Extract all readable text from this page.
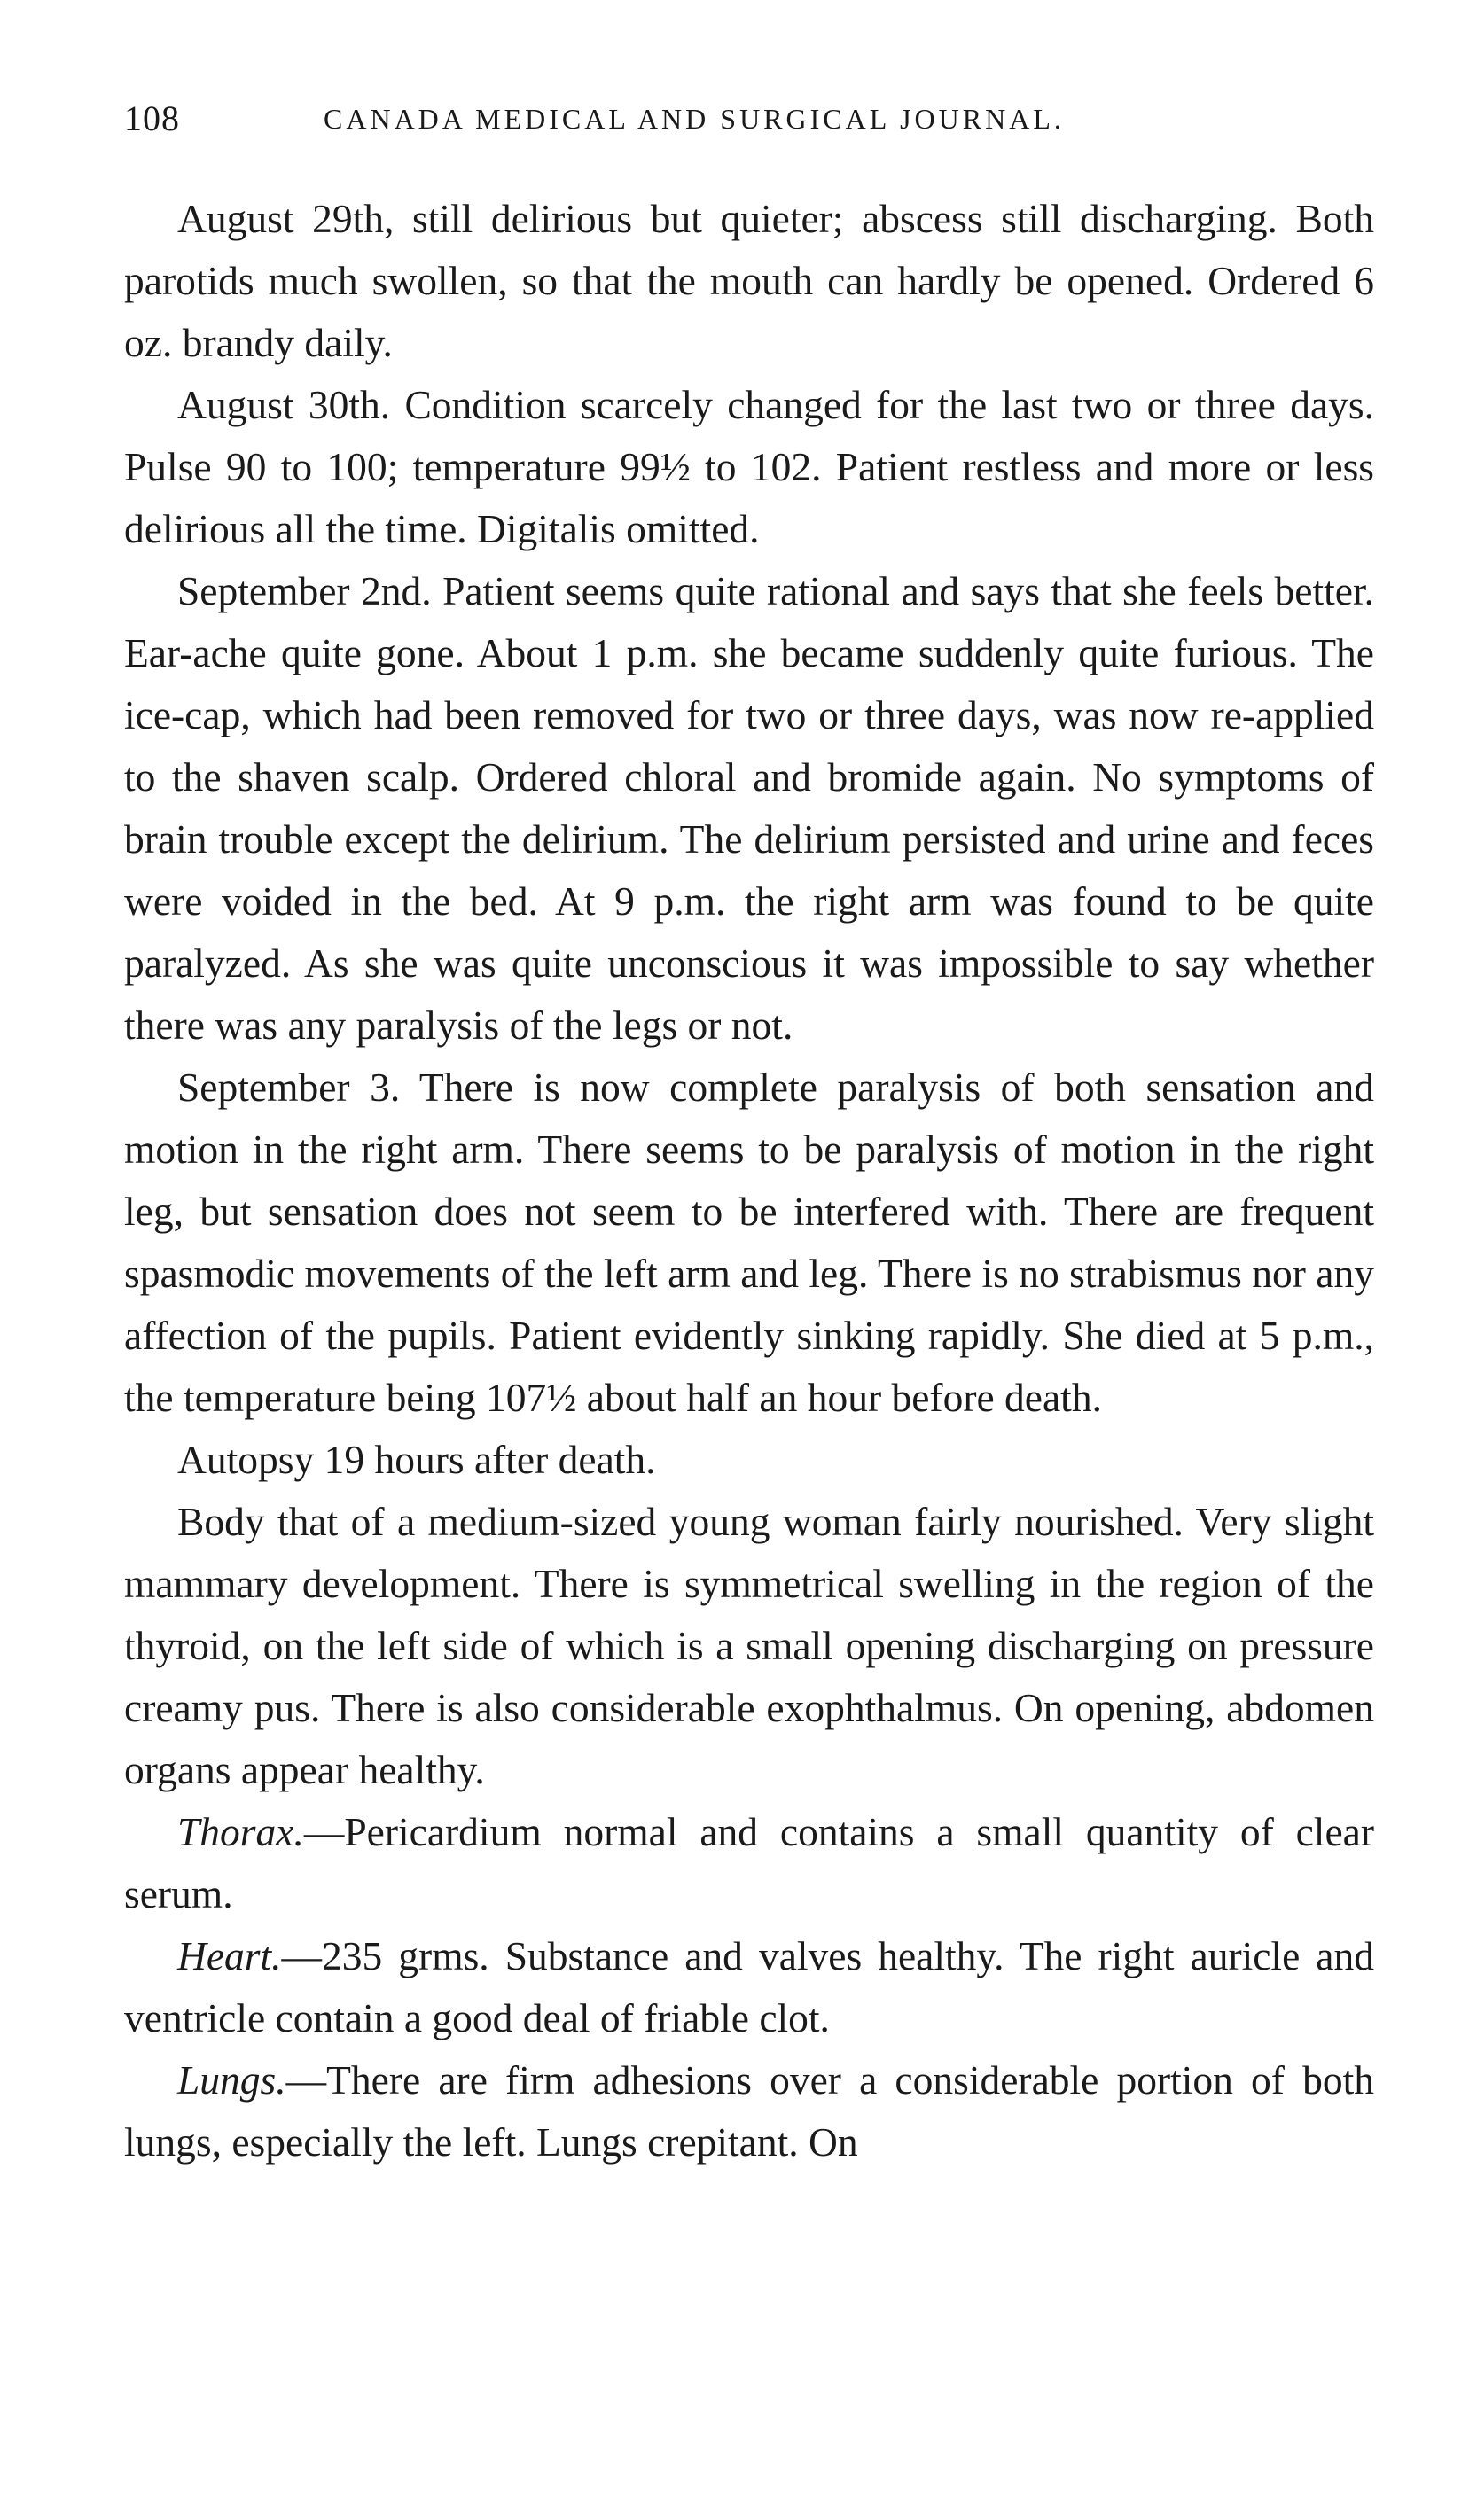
108	CANADA MEDICAL AND SURGICAL JOURNAL.

August 29th, still delirious but quieter; abscess still discharging. Both parotids much swollen, so that the mouth can hardly be opened. Ordered 6 oz. brandy daily.

August 30th. Condition scarcely changed for the last two or three days. Pulse 90 to 100; temperature 99½ to 102. Patient restless and more or less delirious all the time. Digitalis omitted.

September 2nd. Patient seems quite rational and says that she feels better. Ear-ache quite gone. About 1 p.m. she became suddenly quite furious. The ice-cap, which had been removed for two or three days, was now re-applied to the shaven scalp. Ordered chloral and bromide again. No symptoms of brain trouble except the delirium. The delirium persisted and urine and feces were voided in the bed. At 9 p.m. the right arm was found to be quite paralyzed. As she was quite unconscious it was impossible to say whether there was any paralysis of the legs or not.

September 3. There is now complete paralysis of both sensation and motion in the right arm. There seems to be paralysis of motion in the right leg, but sensation does not seem to be interfered with. There are frequent spasmodic movements of the left arm and leg. There is no strabismus nor any affection of the pupils. Patient evidently sinking rapidly. She died at 5 p.m., the temperature being 107½ about half an hour before death.

Autopsy 19 hours after death.

Body that of a medium-sized young woman fairly nourished. Very slight mammary development. There is symmetrical swelling in the region of the thyroid, on the left side of which is a small opening discharging on pressure creamy pus. There is also considerable exophthalmus. On opening, abdomen organs appear healthy.

Thorax.—Pericardium normal and contains a small quantity of clear serum.

Heart.—235 grms. Substance and valves healthy. The right auricle and ventricle contain a good deal of friable clot.

Lungs.—There are firm adhesions over a considerable portion of both lungs, especially the left. Lungs crepitant. On
